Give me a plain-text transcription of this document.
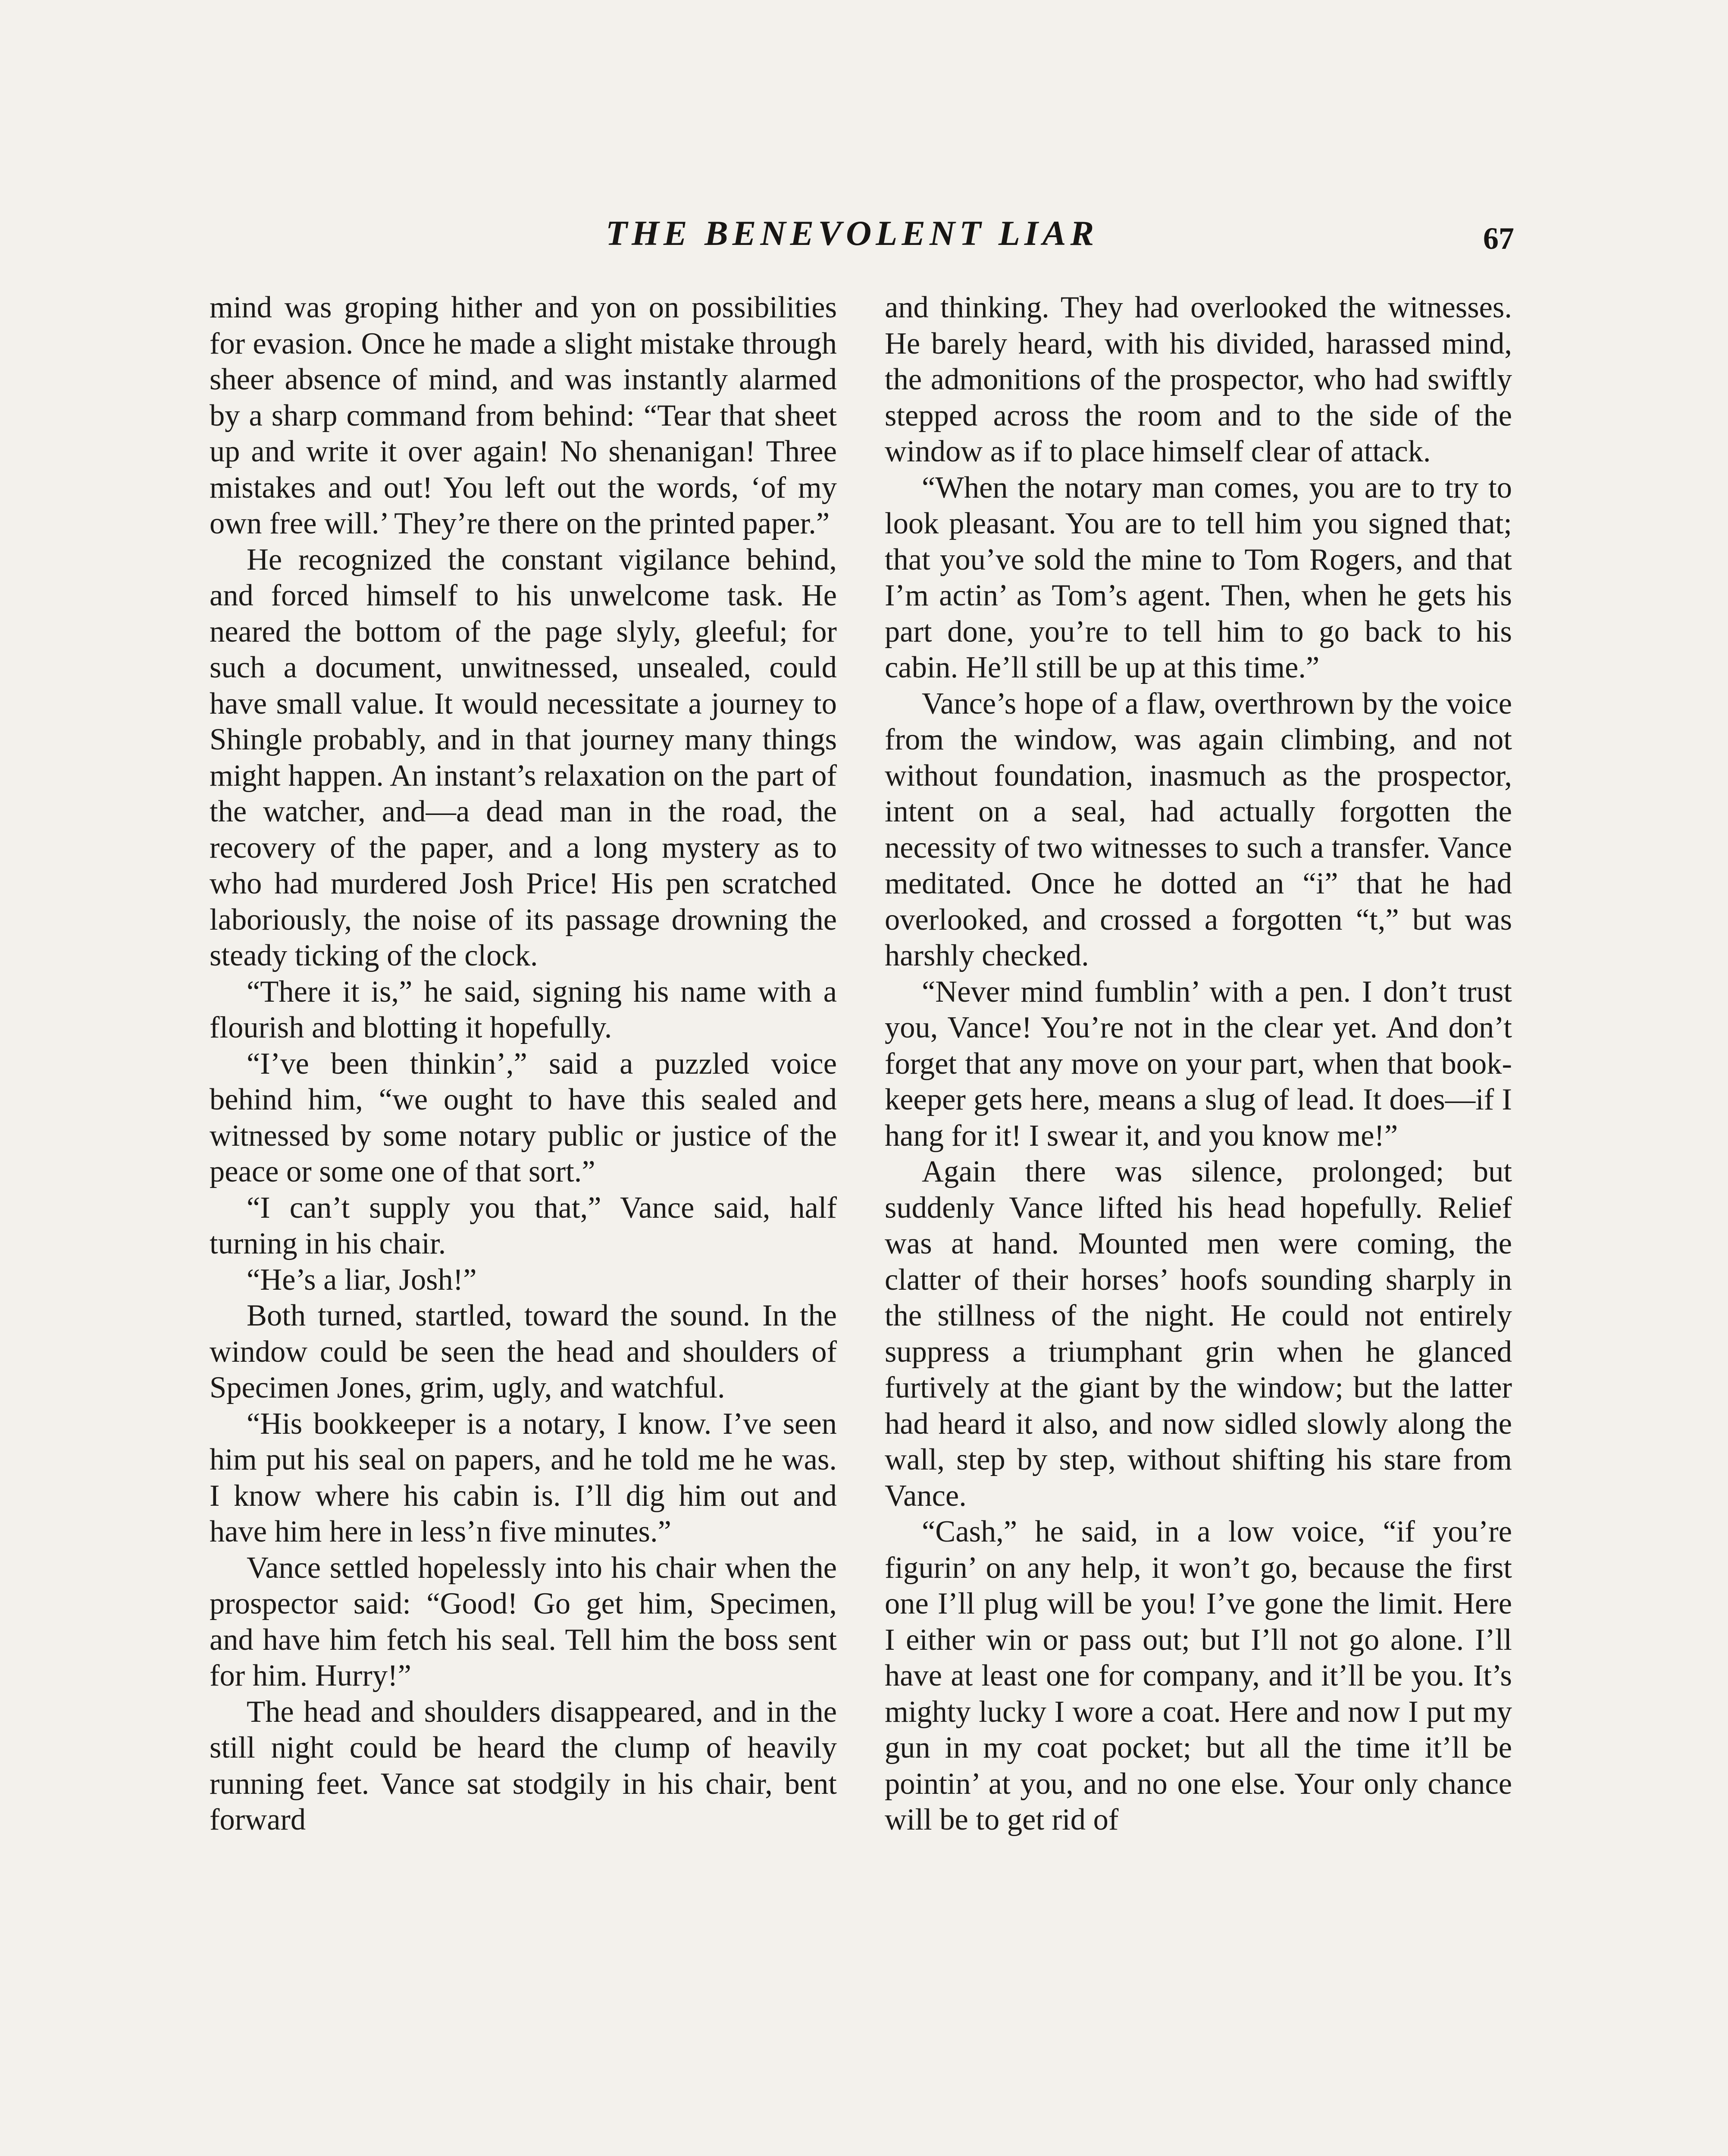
THE BENEVOLENT LIAR	67

mind was groping hither and yon on possibilities for evasion. Once he made a slight mistake through sheer absence of mind, and was instantly alarmed by a sharp command from behind: “Tear that sheet up and write it over again! No shenanigan! Three mistakes and out! You left out the words, ‘of my own free will.’ They’re there on the printed paper.”

He recognized the constant vigilance behind, and forced himself to his unwelcome task. He neared the bottom of the page slyly, gleeful; for such a document, unwitnessed, unsealed, could have small value. It would necessitate a journey to Shingle probably, and in that journey many things might happen. An instant’s relaxation on the part of the watcher, and—a dead man in the road, the recovery of the paper, and a long mystery as to who had murdered Josh Price! His pen scratched laboriously, the noise of its passage drowning the steady ticking of the clock.

“There it is,” he said, signing his name with a flourish and blotting it hopefully.

“I’ve been thinkin’,” said a puzzled voice behind him, “we ought to have this sealed and witnessed by some notary public or justice of the peace or some one of that sort.”

“I can’t supply you that,” Vance said, half turning in his chair.

“He’s a liar, Josh!”

Both turned, startled, toward the sound. In the window could be seen the head and shoulders of Specimen Jones, grim, ugly, and watchful.

“His bookkeeper is a notary, I know. I’ve seen him put his seal on papers, and he told me he was. I know where his cabin is. I’ll dig him out and have him here in less’n five minutes.”

Vance settled hopelessly into his chair when the prospector said: “Good! Go get him, Specimen, and have him fetch his seal. Tell him the boss sent for him. Hurry!”

The head and shoulders disappeared, and in the still night could be heard the clump of heavily running feet. Vance sat stodgily in his chair, bent forward

and thinking. They had overlooked the witnesses. He barely heard, with his divided, harassed mind, the admonitions of the prospector, who had swiftly stepped across the room and to the side of the window as if to place himself clear of attack.

“When the notary man comes, you are to try to look pleasant. You are to tell him you signed that; that you’ve sold the mine to Tom Rogers, and that I’m actin’ as Tom’s agent. Then, when he gets his part done, you’re to tell him to go back to his cabin. He’ll still be up at this time.”

Vance’s hope of a flaw, overthrown by the voice from the window, was again climbing, and not without foundation, inasmuch as the prospector, intent on a seal, had actually forgotten the necessity of two witnesses to such a transfer. Vance meditated. Once he dotted an “i” that he had overlooked, and crossed a forgotten “t,” but was harshly checked.

“Never mind fumblin’ with a pen. I don’t trust you, Vance! You’re not in the clear yet. And don’t forget that any move on your part, when that bookkeeper gets here, means a slug of lead. It does—if I hang for it! I swear it, and you know me!”

Again there was silence, prolonged; but suddenly Vance lifted his head hopefully. Relief was at hand. Mounted men were coming, the clatter of their horses’ hoofs sounding sharply in the stillness of the night. He could not entirely suppress a triumphant grin when he glanced furtively at the giant by the window; but the latter had heard it also, and now sidled slowly along the wall, step by step, without shifting his stare from Vance.

“Cash,” he said, in a low voice, “if you’re figurin’ on any help, it won’t go, because the first one I’ll plug will be you! I’ve gone the limit. Here I either win or pass out; but I’ll not go alone. I’ll have at least one for company, and it’ll be you. It’s mighty lucky I wore a coat. Here and now I put my gun in my coat pocket; but all the time it’ll be pointin’ at you, and no one else. Your only chance will be to get rid of
